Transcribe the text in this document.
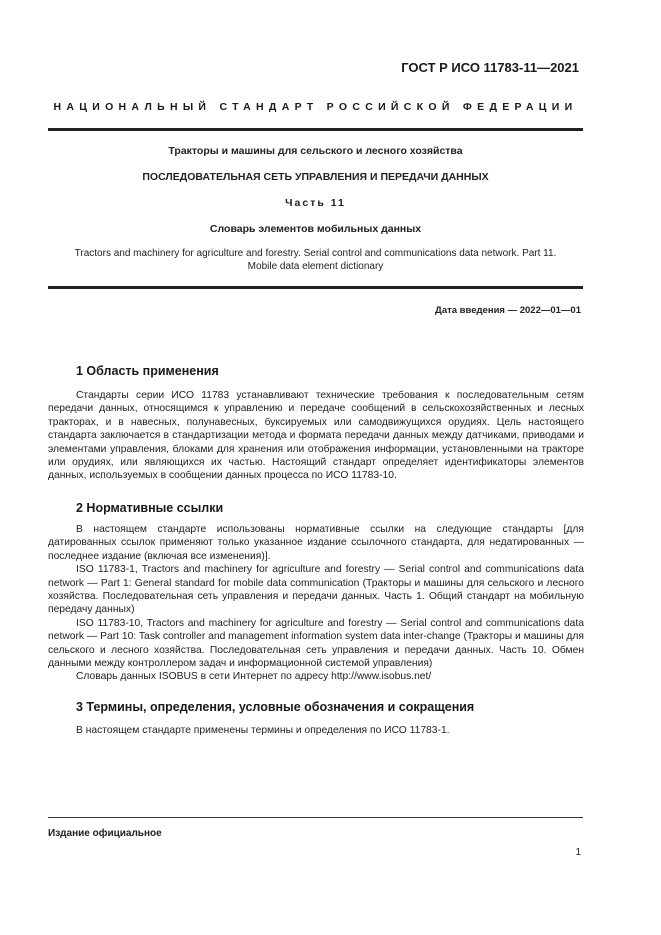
ГОСТ Р ИСО 11783-11—2021
НАЦИОНАЛЬНЫЙ СТАНДАРТ РОССИЙСКОЙ ФЕДЕРАЦИИ
Тракторы и машины для сельского и лесного хозяйства
ПОСЛЕДОВАТЕЛЬНАЯ СЕТЬ УПРАВЛЕНИЯ И ПЕРЕДАЧИ ДАННЫХ
Часть 11
Словарь элементов мобильных данных
Tractors and machinery for agriculture and forestry. Serial control and communications data network. Part 11.
Mobile data element dictionary
Дата введения — 2022—01—01
1 Область применения

Стандарты серии ИСО 11783 устанавливают технические требования к последовательным сетям передачи данных, относящимся к управлению и передаче сообщений в сельскохозяйственных и лесных тракторах, и в навесных, полунавесных, буксируемых или самодвижущихся орудиях. Цель настоящего стандарта заключается в стандартизации метода и формата передачи данных между датчиками, приводами и элементами управления, блоками для хранения или отображения информации, установленными на тракторе или орудиях, или являющихся их частью. Настоящий стандарт определяет идентификаторы элементов данных, используемых в сообщении данных процесса по ИСО 11783-10.

2 Нормативные ссылки

В настоящем стандарте использованы нормативные ссылки на следующие стандарты [для датированных ссылок применяют только указанное издание ссылочного стандарта, для недатированных — последнее издание (включая все изменения)].

ISO 11783-1, Tractors and machinery for agriculture and forestry — Serial control and communications data network — Part 1: General standard for mobile data communication (Тракторы и машины для сельского и лесного хозяйства. Последовательная сеть управления и передачи данных. Часть 1. Общий стандарт на мобильную передачу данных)

ISO 11783-10, Tractors and machinery for agriculture and forestry — Serial control and communications data network — Part 10: Task controller and management information system data inter-change (Тракторы и машины для сельского и лесного хозяйства. Последовательная сеть управления и передачи данных. Часть 10. Обмен данными между контроллером задач и информационной системой управления)

Словарь данных ISOBUS в сети Интернет по адресу http://www.isobus.net/

3 Термины, определения, условные обозначения и сокращения

В настоящем стандарте применены термины и определения по ИСО 11783-1.

Издание официальное
1
